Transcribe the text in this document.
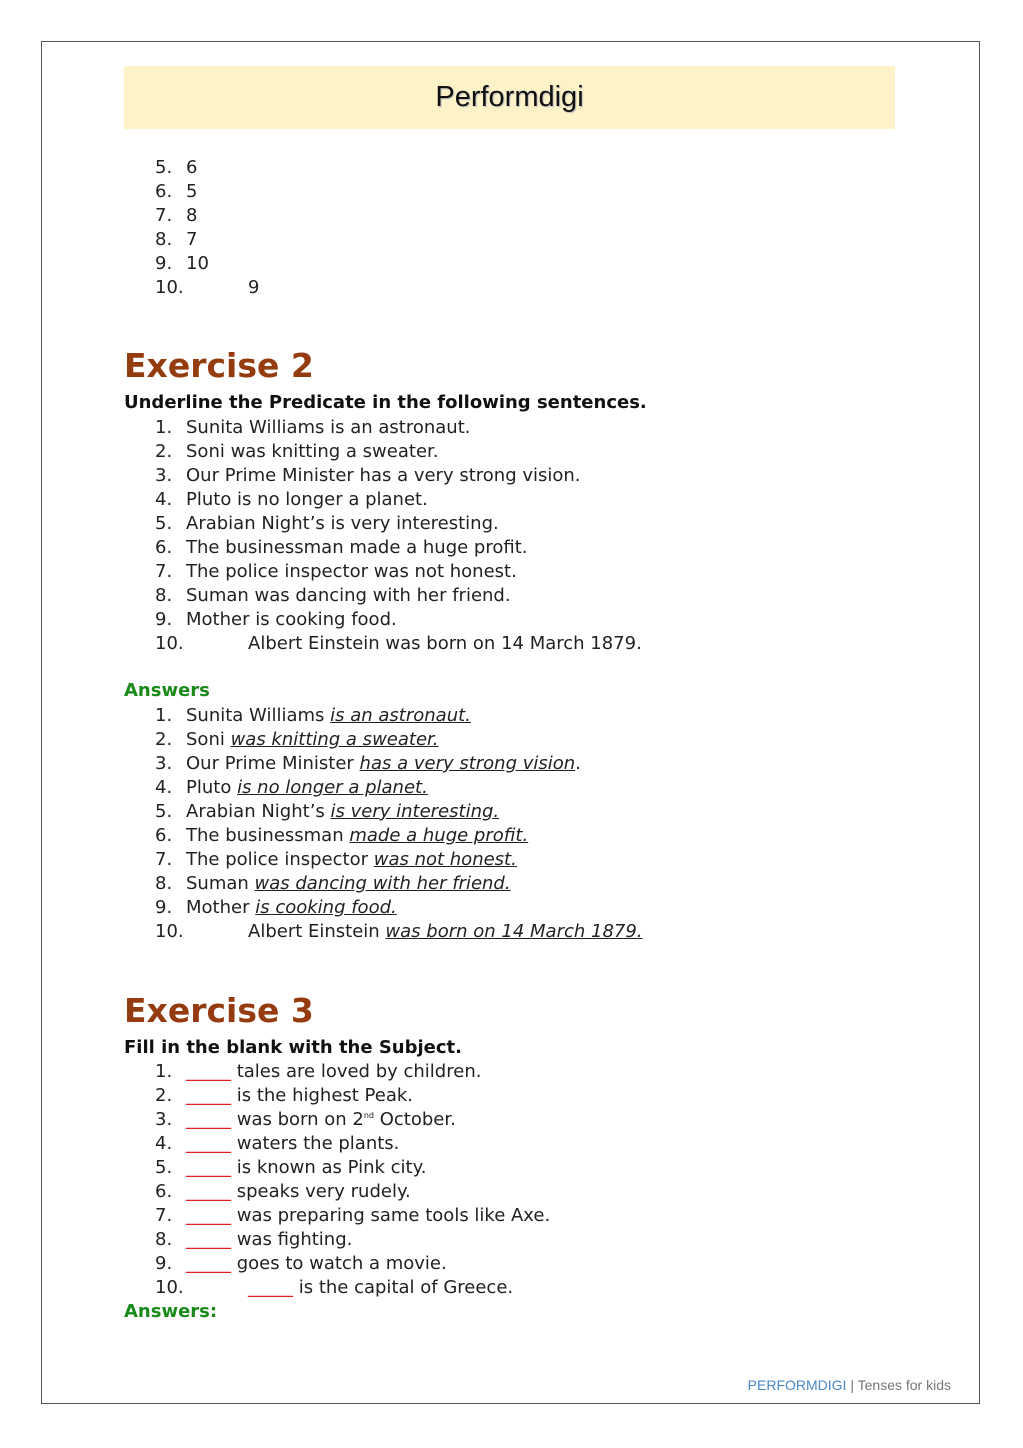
Performdigi
5. 6
6. 5
7. 8
8. 7
9. 10
10.	9
Exercise 2

Underline the Predicate in the following sentences.

1. Sunita Williams is an astronaut.
2. Soni was knitting a sweater.
3. Our Prime Minister has a very strong vision.
4. Pluto is no longer a planet.
5. Arabian Night’s is very interesting.
6. The businessman made a huge profit.
7. The police inspector was not honest.
8. Suman was dancing with her friend.
9. Mother is cooking food.
10.	Albert Einstein was born on 14 March 1879.

Answers

1. Sunita Williams is an astronaut.
2. Soni was knitting a sweater.
3. Our Prime Minister has a very strong vision.
4. Pluto is no longer a planet.
5. Arabian Night’s is very interesting.
6. The businessman made a huge profit.
7. The police inspector was not honest.
8. Suman was dancing with her friend.
9. Mother is cooking food.
10.	Albert Einstein was born on 14 March 1879.
Exercise 3

Fill in the blank with the Subject.

1. _____ tales are loved by children.
2. _____ is the highest Peak.
3. _____ was born on 2nd October.
4. _____ waters the plants.
5. _____ is known as Pink city.
6. _____ speaks very rudely.
7. _____ was preparing same tools like Axe.
8. _____ was fighting.
9. _____ goes to watch a movie.
10.	_____ is the capital of Greece.

Answers:

PERFORMDIGI | Tenses for kids
